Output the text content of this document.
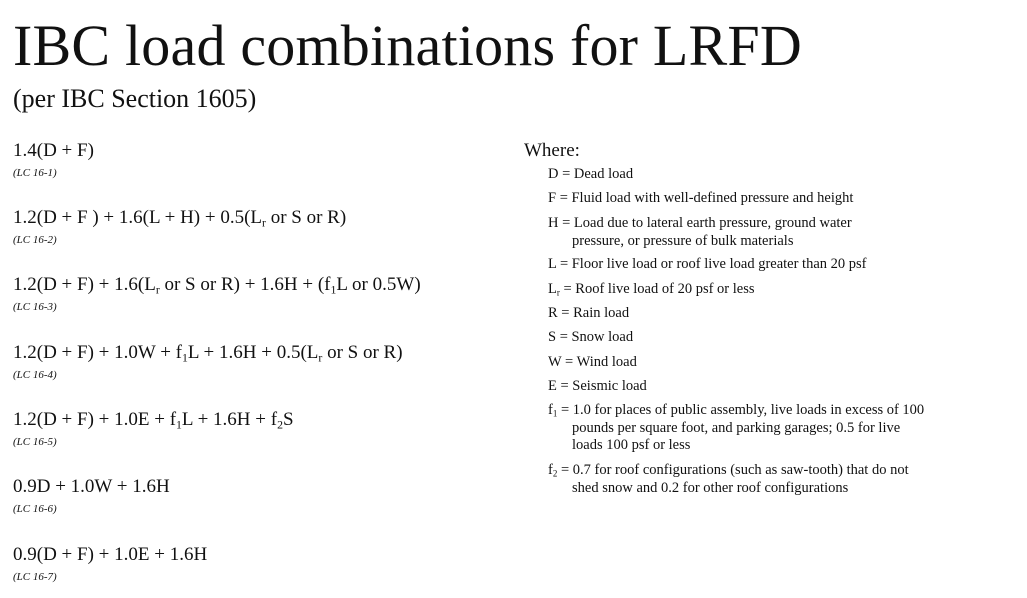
IBC load combinations for LRFD
(per IBC Section 1605)
1.4(D + F)
(LC 16-1)
1.2(D + F ) + $1.6(L + H) + 0.5(L_r$ or S or R)
(LC 16-2)
$1.2(D + F) + 1.6(L_r$ or S or $R) + 1.6H + (f_1L$ or 0.5W)
(LC 16-3)
$1.2(D + F) + 1.0W + f_1L + 1.6H + 0.5(L_r$ or S or R)
(LC 16-4)
$1.2(D + F) + 1.0E + f_1L + 1.6H + f_2S$
(LC 16-5)
0.9D + 1.0W + 1.6H
(LC 16-6)
0.9(D + F) + 1.0E + 1.6H
(LC 16-7)
Where:
D = Dead load
F = Fluid load with well-defined pressure and height
H = Load due to lateral earth pressure, ground water
pressure, or pressure of bulk materials
L = Floor live load or roof live load greater than 20 psf
$L_r$ = Roof live load of 20 psf or less
R = Rain load
S = Snow load
W = Wind load
E = Seismic load
$f_1 = 1.0$ for places of public assembly, live loads in excess of 100
pounds per square foot, and parking garages; 0.5 for live
loads 100 psf or less
$f_2 = 0.7$ for roof configurations (such as saw-tooth) that do not
shed snow and 0.2 for other roof configurations
